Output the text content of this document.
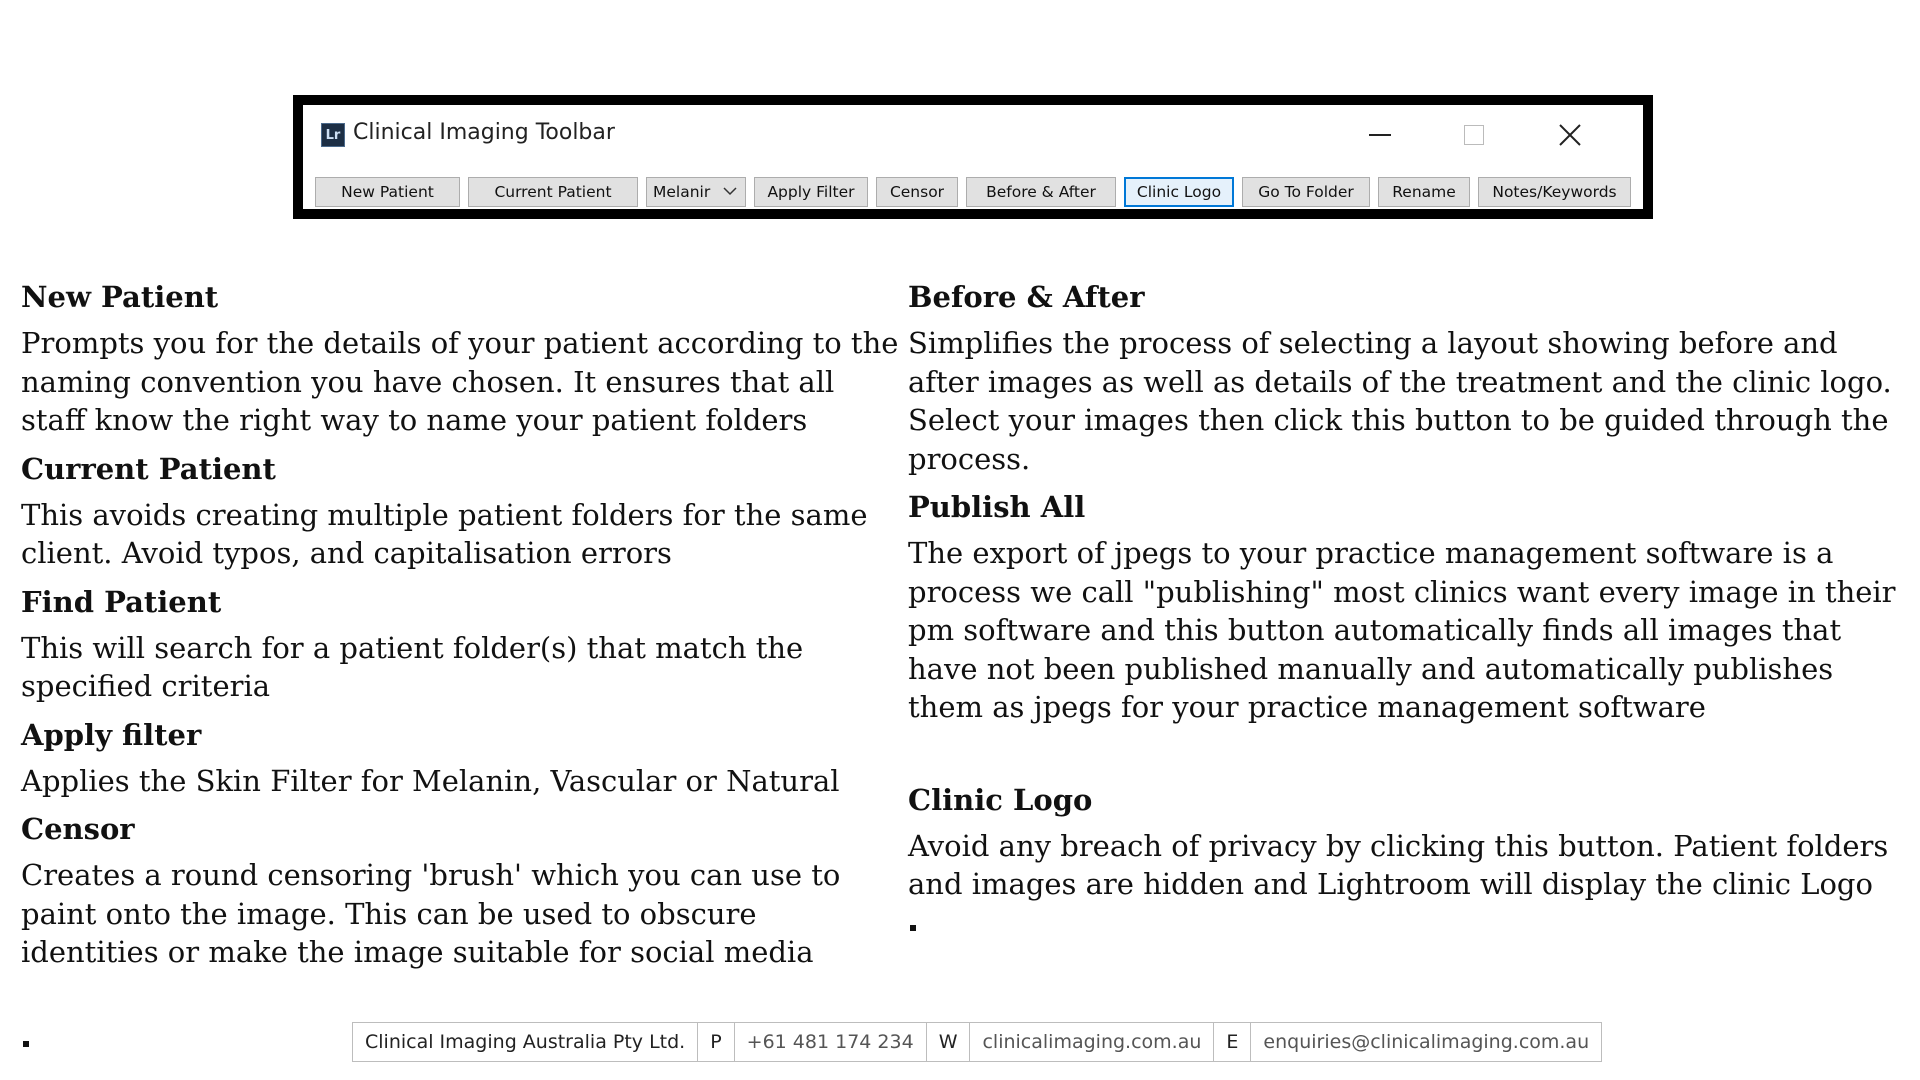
Lr Clinical Imaging Toolbar
New Patient	Current Patient	Melanir	Apply Filter	Censor	Before & After	Clinic Logo	Go To Folder	Rename	Notes/Keywords
New Patient

Prompts you for the details of your patient according to the naming convention you have chosen. It ensures that all staff know the right way to name your patient folders

Current Patient

This avoids creating multiple patient folders for the same client. Avoid typos, and capitalisation errors

Find Patient

This will search for a patient folder(s) that match the specified criteria

Apply filter

Applies the Skin Filter for Melanin, Vascular or Natural

Censor

Creates a round censoring 'brush' which you can use to paint onto the image. This can be used to obscure identities or make the image suitable for social media

Before & After

Simplifies the process of selecting a layout showing before and after images as well as details of the treatment and the clinic logo. Select your images then click this button to be guided through the process.

Publish All

The export of jpegs to your practice management software is a process we call "publishing" most clinics want every image in their pm software and this button automatically finds all images that have not been published manually and automatically publishes them as jpegs for your practice management software

Clinic Logo

Avoid any breach of privacy by clicking this button. Patient folders and images are hidden and Lightroom will display the clinic Logo

Clinical Imaging Australia Pty Ltd.	P	+61 481 174 234	W	clinicalimaging.com.au	E	enquiries@clinicalimaging.com.au
